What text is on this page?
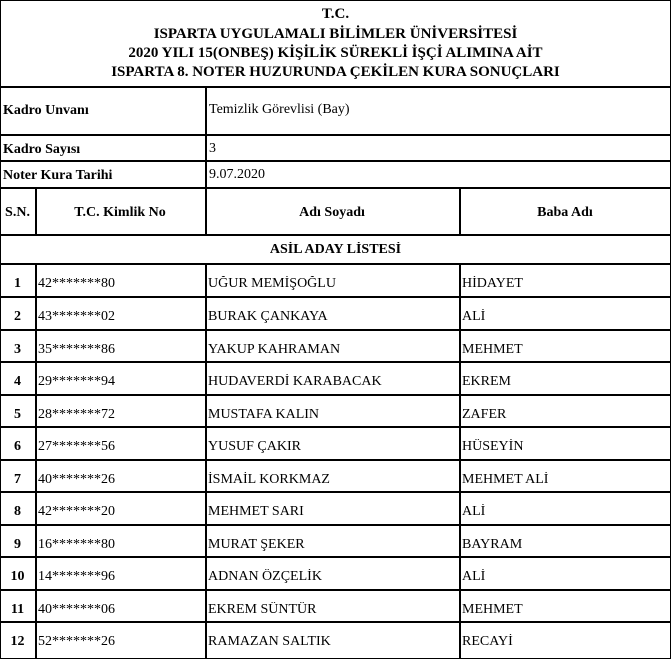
T.C.
ISPARTA UYGULAMALI BİLİMLER ÜNİVERSİTESİ
2020 YILI 15(ONBEŞ) KİŞİLİK SÜREKLİ İŞÇİ ALIMINA AİT
ISPARTA 8. NOTER HUZURUNDA ÇEKİLEN KURA SONUÇLARI
Kadro Unvanı	Temizlik Görevlisi (Bay)
Kadro Sayısı	3
Noter Kura Tarihi	9.07.2020
S.N.	T.C. Kimlik No	Adı Soyadı	Baba Adı
ASİL ADAY LİSTESİ
1	42*******80	UĞUR MEMİŞOĞLU	HİDAYET
2	43*******02	BURAK ÇANKAYA	ALİ
3	35*******86	YAKUP KAHRAMAN	MEHMET
4	29*******94	HUDAVERDİ KARABACAK	EKREM
5	28*******72	MUSTAFA KALIN	ZAFER
6	27*******56	YUSUF ÇAKIR	HÜSEYİN
7	40*******26	İSMAİL KORKMAZ	MEHMET ALİ
8	42*******20	MEHMET SARI	ALİ
9	16*******80	MURAT ŞEKER	BAYRAM
10 14*******96	ADNAN ÖZÇELİK	ALİ
11 40*******06	EKREM SÜNTÜR	MEHMET
12 52*******26	RAMAZAN SALTIK	RECAYİ
